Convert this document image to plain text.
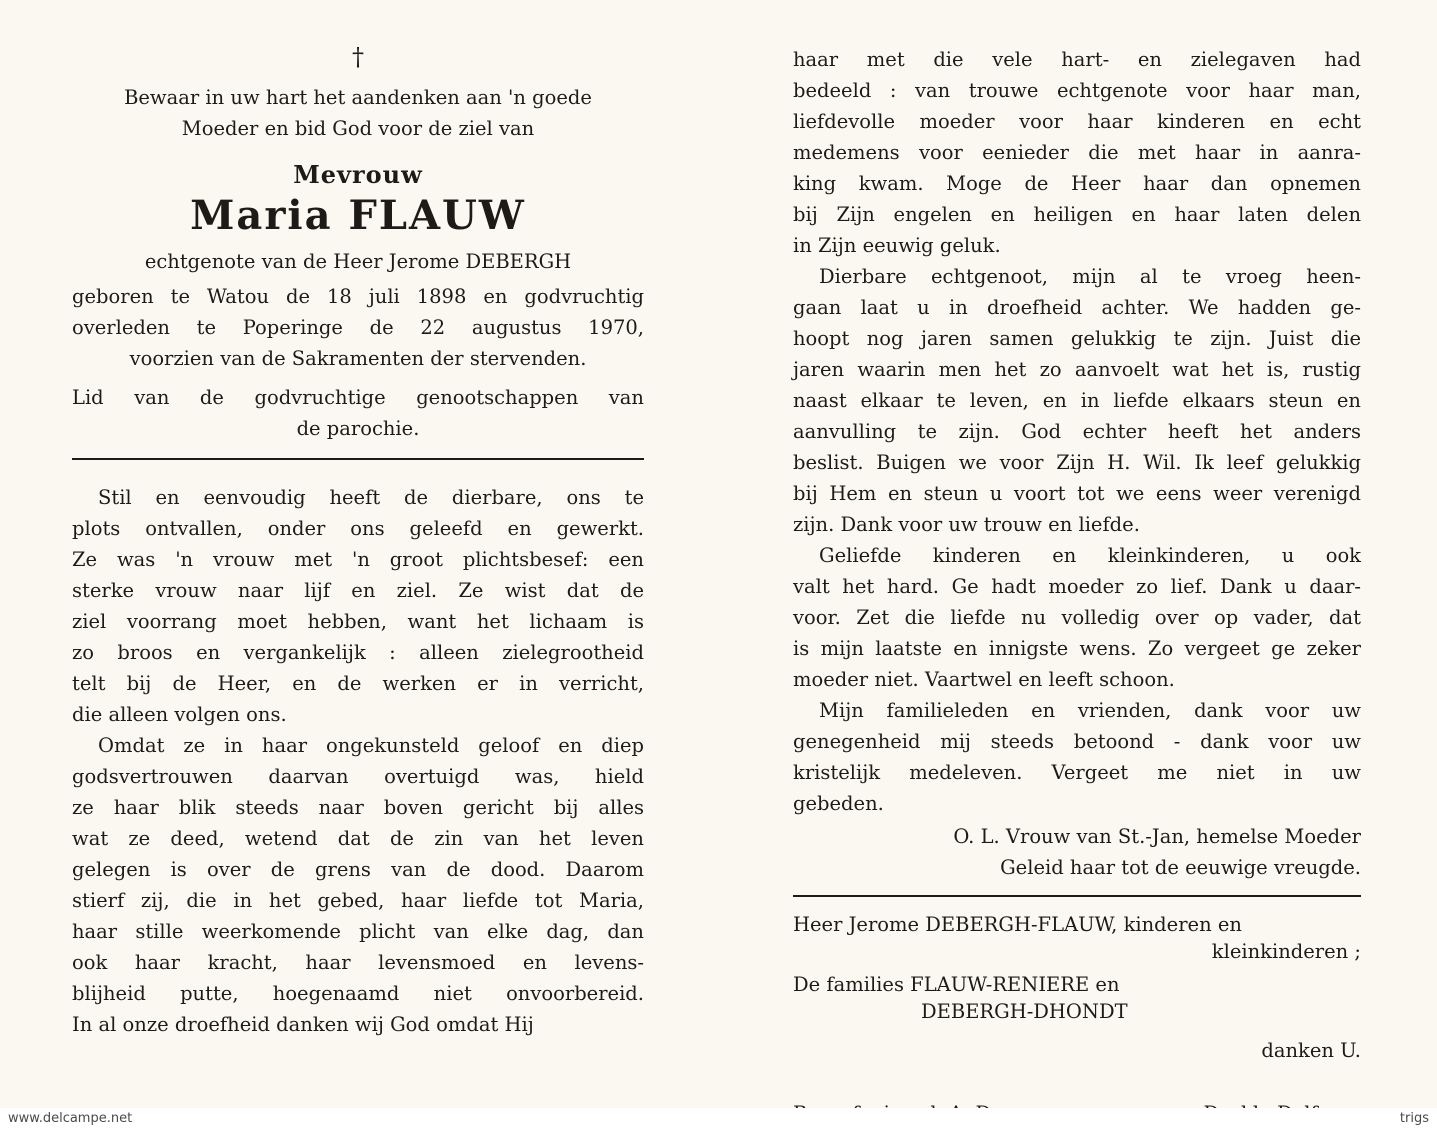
†

Bewaar in uw hart het aandenken aan 'n goede

Moeder en bid God voor de ziel van

Mevrouw

Maria FLAUW

echtgenote van de Heer Jerome DEBERGH

geboren te Watou de 18 juli 1898 en godvruchtig

overleden te Poperinge de 22 augustus 1970,

voorzien van de Sakramenten der stervenden.

Lid van de godvruchtige genootschappen van

de parochie.

Stil en eenvoudig heeft de dierbare, ons te

plots ontvallen, onder ons geleefd en gewerkt.

Ze was 'n vrouw met 'n groot plichtsbesef: een

sterke vrouw naar lijf en ziel. Ze wist dat de

ziel voorrang moet hebben, want het lichaam is

zo broos en vergankelijk : alleen zielegrootheid

telt bij de Heer, en de werken er in verricht,

die alleen volgen ons.

Omdat ze in haar ongekunsteld geloof en diep

godsvertrouwen daarvan overtuigd was, hield

ze haar blik steeds naar boven gericht bij alles

wat ze deed, wetend dat de zin van het leven

gelegen is over de grens van de dood. Daarom

stierf zij, die in het gebed, haar liefde tot Maria,

haar stille weerkomende plicht van elke dag, dan

ook haar kracht, haar levensmoed en levens-

blijheid putte, hoegenaamd niet onvoorbereid.

In al onze droefheid danken wij God omdat Hij

haar met die vele hart- en zielegaven had

bedeeld : van trouwe echtgenote voor haar man,

liefdevolle moeder voor haar kinderen en echt

medemens voor eenieder die met haar in aanra-

king kwam. Moge de Heer haar dan opnemen

bij Zijn engelen en heiligen en haar laten delen

in Zijn eeuwig geluk.

Dierbare echtgenoot, mijn al te vroeg heen-

gaan laat u in droefheid achter. We hadden ge-

hoopt nog jaren samen gelukkig te zijn. Juist die

jaren waarin men het zo aanvoelt wat het is, rustig

naast elkaar te leven, en in liefde elkaars steun en

aanvulling te zijn. God echter heeft het anders

beslist. Buigen we voor Zijn H. Wil. Ik leef gelukkig

bij Hem en steun u voort tot we eens weer verenigd

zijn. Dank voor uw trouw en liefde.

Geliefde kinderen en kleinkinderen, u ook

valt het hard. Ge hadt moeder zo lief. Dank u daar-

voor. Zet die liefde nu volledig over op vader, dat

is mijn laatste en innigste wens. Zo vergeet ge zeker

moeder niet. Vaartwel en leeft schoon.

Mijn familieleden en vrienden, dank voor uw

genegenheid mij steeds betoond - dank voor uw

kristelijk medeleven. Vergeet me niet in uw

gebeden.

O. L. Vrouw van St.-Jan, hemelse Moeder

Geleid haar tot de eeuwige vreugde.

Heer Jerome DEBERGH-FLAUW, kinderen en

kleinkinderen ;

De families FLAUW-RENIERE en

DEBERGH-DHONDT

danken U.

www.delcampe.net	trigs
